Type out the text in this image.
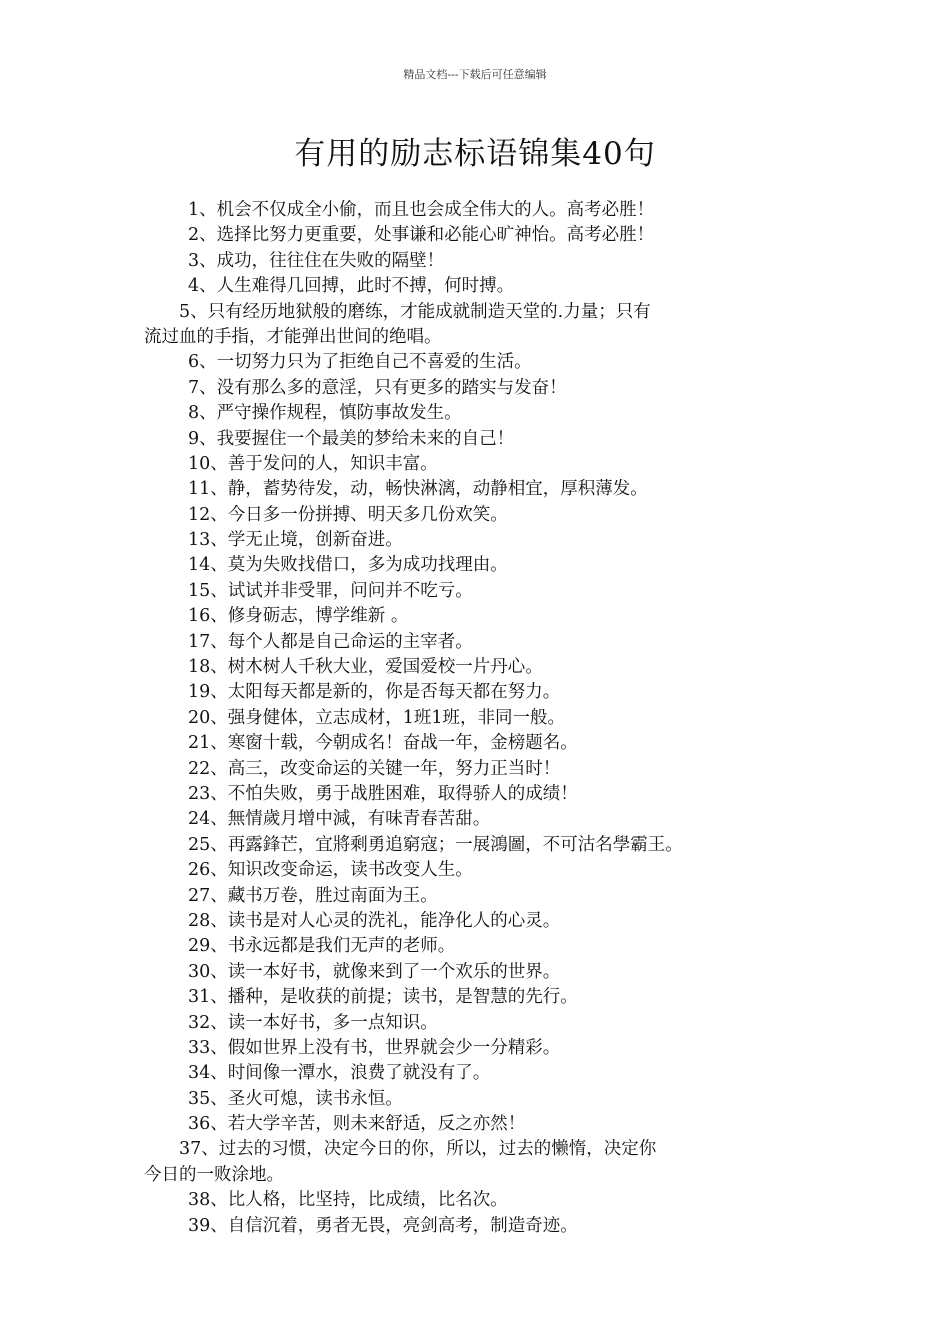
精品文档---下载后可任意编辑
有用的励志标语锦集40句
1、机会不仅成全小偷，而且也会成全伟大的人。高考必胜！
2、选择比努力更重要，处事谦和必能心旷神怡。高考必胜！
3、成功，往往住在失败的隔壁！
4、人生难得几回搏，此时不搏，何时搏。
5、只有经历地狱般的磨练，才能成就制造天堂的.力量；只有
流过血的手指，才能弹出世间的绝唱。
6、一切努力只为了拒绝自己不喜爱的生活。
7、没有那么多的意淫，只有更多的踏实与发奋！
8、严守操作规程，慎防事故发生。
9、我要握住一个最美的梦给未来的自己！
10、善于发问的人，知识丰富。
11、静，蓄势待发，动，畅快淋漓，动静相宜，厚积薄发。
12、今日多一份拼搏、明天多几份欢笑。
13、学无止境，创新奋进。
14、莫为失败找借口，多为成功找理由。
15、试试并非受罪，问问并不吃亏。
16、修身砺志，博学维新 。
17、每个人都是自己命运的主宰者。
18、树木树人千秋大业，爱国爱校一片丹心。
19、太阳每天都是新的，你是否每天都在努力。
20、强身健体，立志成材，1班1班，非同一般。
21、寒窗十载，今朝成名！奋战一年，金榜题名。
22、高三，改变命运的关键一年，努力正当时！
23、不怕失败，勇于战胜困难，取得骄人的成绩！
24、無情歲月增中減，有味青春苦甜。
25、再露鋒芒，宜將剩勇追窮寇；一展鴻圖，不可沽名學霸王。
26、知识改变命运，读书改变人生。
27、藏书万卷，胜过南面为王。
28、读书是对人心灵的洗礼，能净化人的心灵。
29、书永远都是我们无声的老师。
30、读一本好书，就像来到了一个欢乐的世界。
31、播种，是收获的前提；读书，是智慧的先行。
32、读一本好书，多一点知识。
33、假如世界上没有书，世界就会少一分精彩。
34、时间像一潭水，浪费了就没有了。
35、圣火可熄，读书永恒。
36、若大学辛苦，则未来舒适，反之亦然！
37、过去的习惯，决定今日的你，所以，过去的懒惰，决定你
今日的一败涂地。
38、比人格，比坚持，比成绩，比名次。
39、自信沉着，勇者无畏，亮剑高考，制造奇迹。
